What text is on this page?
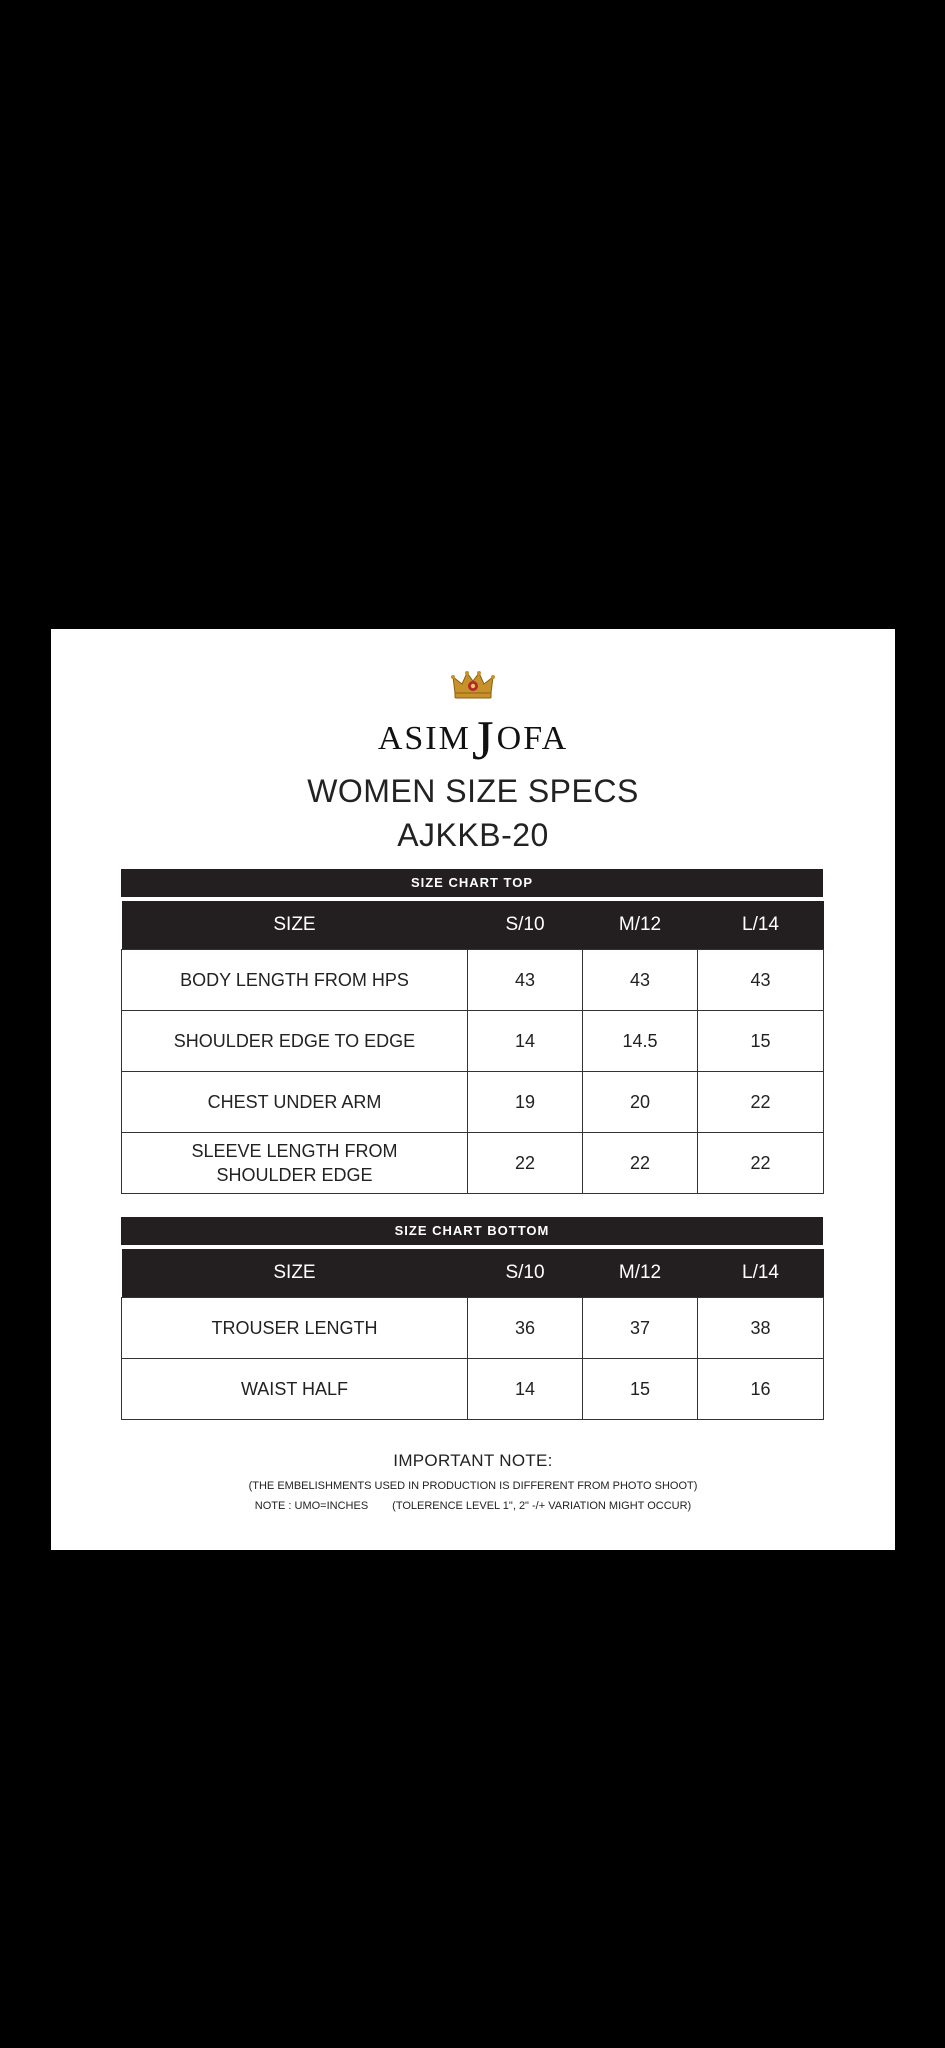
ASIMJOFA
WOMEN SIZE SPECS
AJKKB-20
SIZE CHART TOP
SIZE	S/10	M/12	L/14
BODY LENGTH FROM HPS	43	43	43
SHOULDER EDGE TO EDGE	14	14.5	15
CHEST UNDER ARM	19	20	22
SLEEVE LENGTH FROM
SHOULDER EDGE	22	22	22
SIZE CHART BOTTOM
SIZE	S/10	M/12	L/14
TROUSER LENGTH	36	37	38
WAIST HALF	14	15	16
IMPORTANT NOTE:
(THE EMBELISHMENTS USED IN PRODUCTION IS DIFFERENT FROM PHOTO SHOOT)
NOTE : UMO=INCHES (TOLERENCE LEVEL 1", 2" -/+ VARIATION MIGHT OCCUR)
